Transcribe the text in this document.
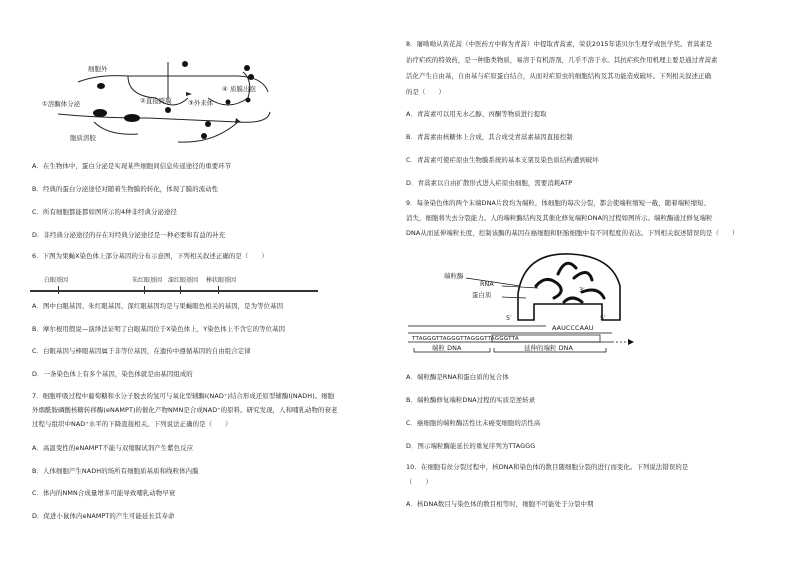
细胞外
①溶酶体分泌	②直接跨膜	③外来体
④ 质膜出泡
胞质溶胶
A．在生物体中，蛋白分泌是实现某些细胞间信息传递途径的重要环节
B．经典的蛋白分泌途径对随着生物膜的转化，体现了膜的流动性
C．所有细胞都能都如图所示的4种非经典分泌途径
D．非经典分泌途径的存在对经典分泌途径是一种必要和有益的补充
6．下图为果蝇X染色体上部分基因的分布示意图，下列相关叙述正确的是（　　）
白眼基因	朱红眼基因 深红眼基因 棒状眼基因
A．图中白眼基因、朱红眼基因、深红眼基因均是与果蝇眼色相关的基因，是为等位基因
B．摩尔根用假说—演绎法证明了白眼基因位于X染色体上，Y染色体上不含它的等位基因
C．白眼基因与棒眼基因属于非等位基因，在遗传中遵循基因的自由组合定律
D．一条染色体上有多个基因，染色体就是由基因组成的
7．细胞呼吸过程中葡萄糖和水分子脱去的氢可与氧化型辅酶Ⅰ(NAD⁺)结合形成还原型辅酶Ⅰ(NADH)。细胞
外烟酰胺磷酸核糖转移酶(eNAMPT)的催化产物NMN是合成NAD⁺的原料。研究发现，人和哺乳动物的衰老
过程与组织中NAD⁺水平的下降直接相关。下列说法正确的是（　　）
A．高温变性的eNAMPT不能与双缩脲试剂产生紫色反应
B．人体细胞产生NADH的场所有细胞质基质和线粒体内膜
C．体内的NMN合成量增多可能导致哺乳动物早衰
D．促进小鼠体内eNAMPT的产生可能延长其寿命
8．屠呦呦从黄花蒿（中医药方中称为青蒿）中提取青蒿素，荣获2015年诺贝尔生理学或医学奖。青蒿素是
治疗疟疾的特效药，是一种脂类物质，易溶于有机溶剂，几乎不溶于水。其抗疟疾作用机理主要是通过青蒿素
活化产生自由基，自由基与疟原蛋白结合，从而对疟原虫的细胞结构及其功能造成破坏。下列相关叙述正确
的是（　　）
A．青蒿素可以用无水乙醇、丙酮等物质进行提取
B．青蒿素由核糖体上合成，其合成受青蒿素基因直接控制
C．青蒿素可使疟原虫生物膜系统的基本支架及染色质结构遭到破坏
D．青蒿素以自由扩散形式进入疟原虫细胞，需要消耗ATP
9．每条染色体的两个末端DNA片段均为端粒，体细胞的每次分裂，都会使端粒缩短一截，随着端粒缩短、
消失，细胞将失去分裂能力。人的端粒酶结构及其催化修复端粒DNA的过程如图所示。端粒酶通过修复端粒
DNA从而延伸端粒长度，控制该酶的基因在癌细胞和胚胎细胞中有不同程度的表达。下列相关叙述错误的是（　　）
端粒酶
RNA
蛋白质
3′
5′	5′
AAUCCCAAU
TTAGGGTTAGGGTTAGGGTTAGGGTTA
端粒 DNA	延伸的端粒 DNA
A．端粒酶是RNA和蛋白质的复合体
B．端粒酶修复端粒DNA过程的实质是逆转录
C．癌细胞的端粒酶活性比未癌变细胞的活性高
D．图示端粒酶能延长的重复序列为TTAGGG
10．在细胞有丝分裂过程中，核DNA和染色体的数目随细胞分裂的进行而变化。下列说法错误的是
（　　）
A．核DNA数目与染色体的数目相等时，细胞不可能处于分裂中期
